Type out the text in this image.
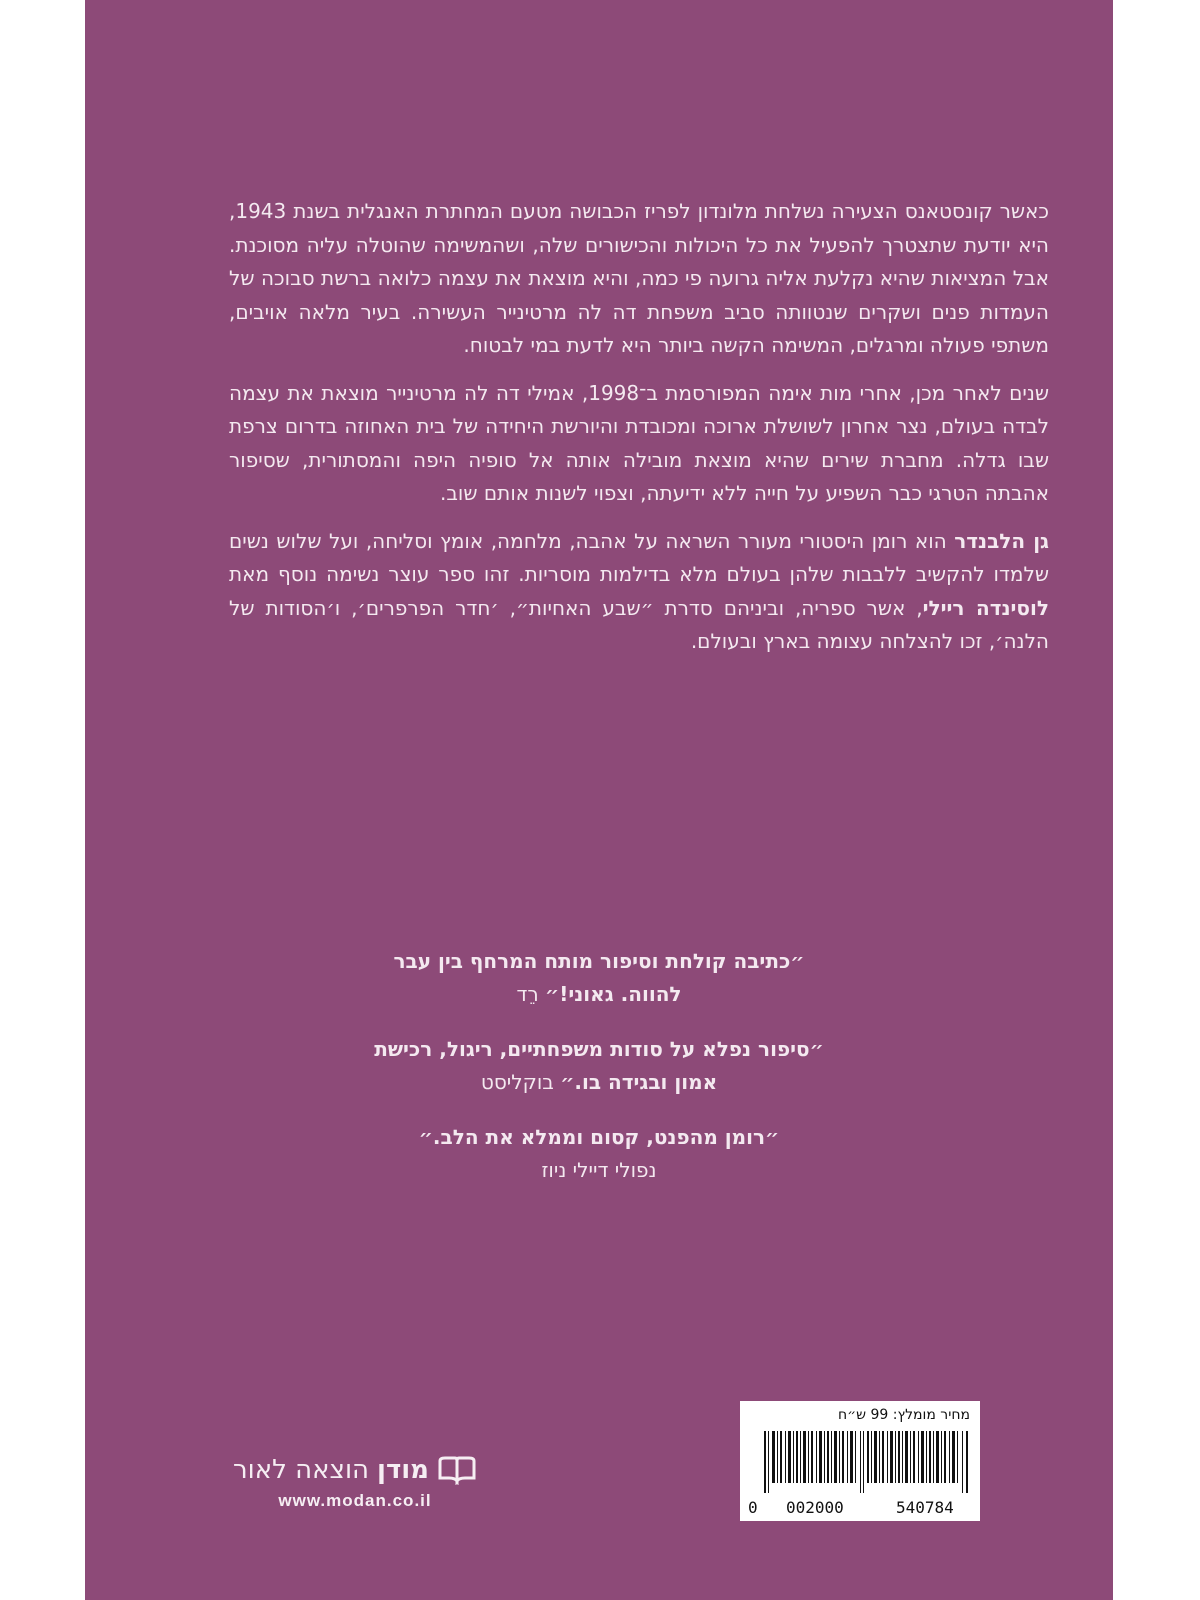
כאשר קונסטאנס הצעירה נשלחת מלונדון לפריז הכבושה מטעם המחתרת האנגלית בשנת 1943, היא יודעת שתצטרך להפעיל את כל היכולות והכישורים שלה, ושהמשימה שהוטלה עליה מסוכנת. אבל המציאות שהיא נקלעת אליה גרועה פי כמה, והיא מוצאת את עצמה כלואה ברשת סבוכה של העמדות פנים ושקרים שנטוותה סביב משפחת דה לה מרטינייר העשירה. בעיר מלאה אויבים, משתפי פעולה ומרגלים, המשימה הקשה ביותר היא לדעת במי לבטוח.

שנים לאחר מכן, אחרי מות אימה המפורסמת ב־1998, אמילי דה לה מרטינייר מוצאת את עצמה לבדה בעולם, נצר אחרון לשושלת ארוכה ומכובדת והיורשת היחידה של בית האחוזה בדרום צרפת שבו גדלה. מחברת שירים שהיא מוצאת מובילה אותה אל סופיה היפה והמסתורית, שסיפור אהבתה הטרגי כבר השפיע על חייה ללא ידיעתה, וצפוי לשנות אותם שוב.

גן הלבנדר הוא רומן היסטורי מעורר השראה על אהבה, מלחמה, אומץ וסליחה, ועל שלוש נשים שלמדו להקשיב ללבבות שלהן בעולם מלא בדילמות מוסריות. זהו ספר עוצר נשימה נוסף מאת לוסינדה ריילי, אשר ספריה, וביניהם סדרת ״שבע האחיות״, ׳חדר הפרפרים׳, ו׳הסודות של הלנה׳, זכו להצלחה עצומה בארץ ובעולם.

״כתיבה קולחת וסיפור מותח המרחף בין עבר להווה. גאוני!״ רֵד
״סיפור נפלא על סודות משפחתיים, ריגול, רכישת אמון ובגידה בו.״ בוקליסט
״רומן מהפנט, קסום וממלא את הלב.״
נפולי דיילי ניוז
מחיר מומלץ: 99 ש״ח
0 002000	540784
מודן
הוצאה לאור
www.modan.co.il
